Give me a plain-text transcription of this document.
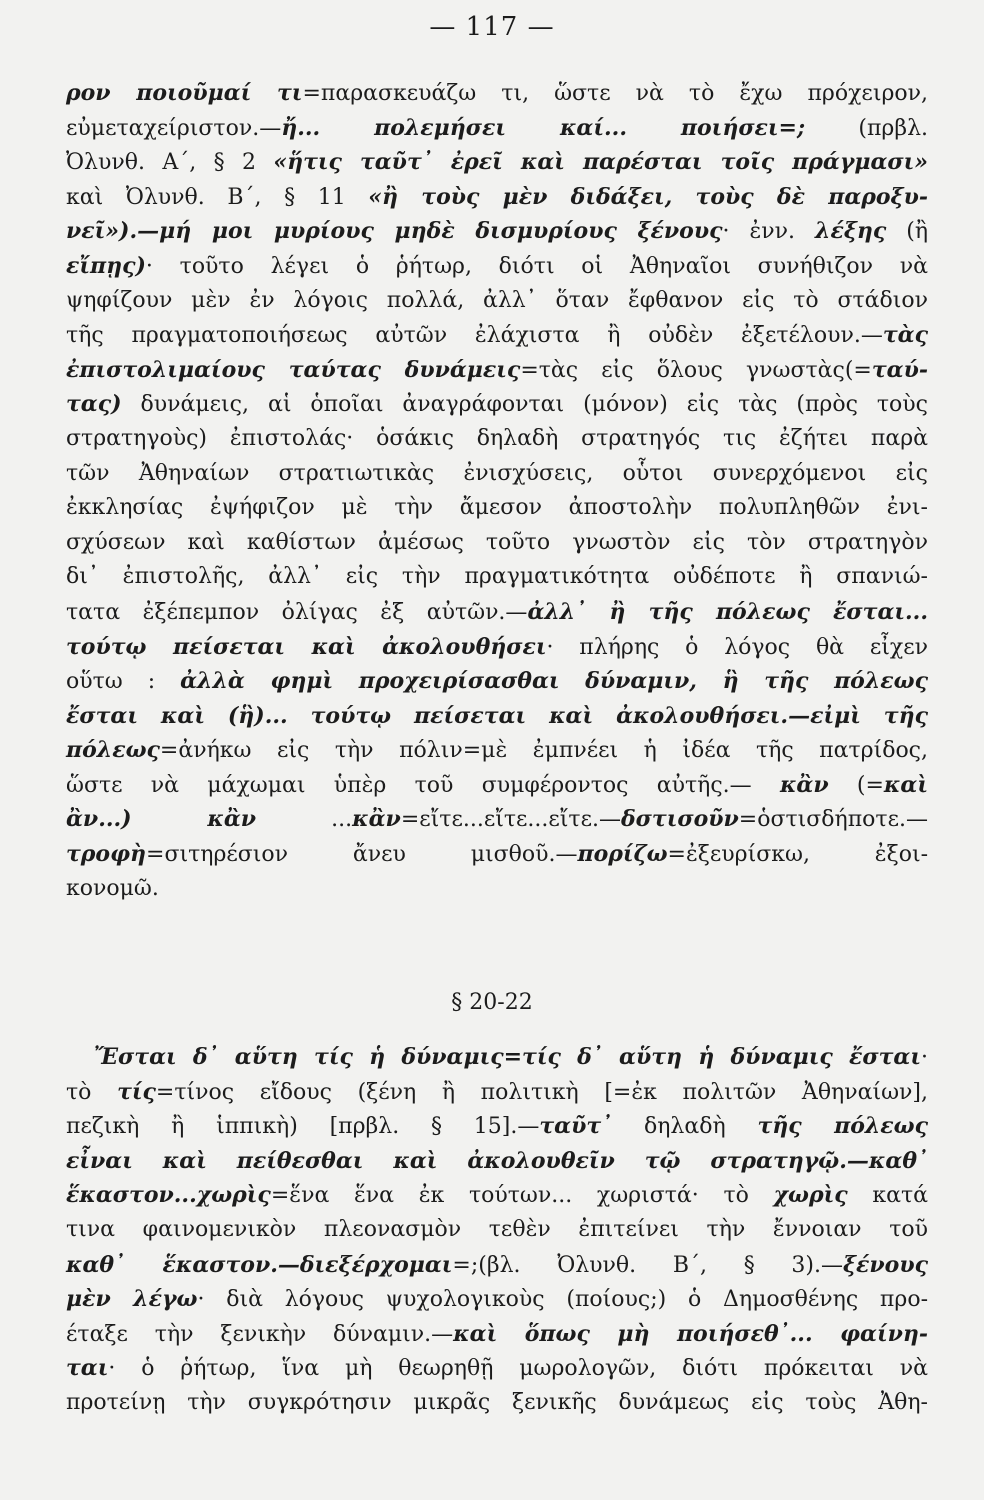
— 117 —
ρον ποιοῦμαί τι=παρασκευάζω τι, ὥστε νὰ τὸ ἔχω πρόχειρον,
εὐμεταχείριστον.—ἤ... πολεμήσει καί... ποιήσει=; (πρβλ.
Ὀλυνθ. Α΄, § 2 «ἥτις ταῦτ᾿ ἐρεῖ καὶ παρέσται τοῖς πράγμασι»
καὶ Ὀλυνθ. Β΄, § 11 «ἢ τοὺς μὲν διδάξει, τοὺς δὲ παροξυ-
νεῖ»).—μή μοι μυρίους μηδὲ δισμυρίους ξένους· ἐνν. λέξης (ἢ
εἴπῃς)· τοῦτο λέγει ὁ ῥήτωρ, διότι οἱ Ἀθηναῖοι συνήθιζον νὰ
ψηφίζουν μὲν ἐν λόγοις πολλά, ἀλλ᾿ ὅταν ἔφθανον εἰς τὸ στάδιον
τῆς πραγματοποιήσεως αὐτῶν ἐλάχιστα ἢ οὐδὲν ἐξετέλουν.—τὰς
ἐπιστολιμαίους ταύτας δυνάμεις=τὰς εἰς ὅλους γνωστὰς(=ταύ-
τας) δυνάμεις, αἱ ὁποῖαι ἀναγράφονται (μόνον) εἰς τὰς (πρὸς τοὺς
στρατηγοὺς) ἐπιστολάς· ὁσάκις δηλαδὴ στρατηγός τις ἐζήτει παρὰ
τῶν Ἀθηναίων στρατιωτικὰς ἐνισχύσεις, οὗτοι συνερχόμενοι εἰς
ἐκκλησίας ἐψήφιζον μὲ τὴν ἄμεσον ἀποστολὴν πολυπληθῶν ἐνι-
σχύσεων καὶ καθίστων ἀμέσως τοῦτο γνωστὸν εἰς τὸν στρατηγὸν
δι᾿ ἐπιστολῆς, ἀλλ᾿ εἰς τὴν πραγματικότητα οὐδέποτε ἢ σπανιώ-
τατα ἐξέπεμπον ὀλίγας ἐξ αὐτῶν.—ἀλλ᾿ ἢ τῆς πόλεως ἔσται...
τούτῳ πείσεται καὶ ἀκολουθήσει· πλήρης ὁ λόγος θὰ εἶχεν
οὕτω : ἀλλὰ φημὶ προχειρίσασθαι δύναμιν, ἣ τῆς πόλεως
ἔσται καὶ (ἣ)... τούτῳ πείσεται καὶ ἀκολουθήσει.—εἰμὶ τῆς
πόλεως=ἀνήκω εἰς τὴν πόλιν=μὲ ἐμπνέει ἡ ἰδέα τῆς πατρίδος,
ὥστε νὰ μάχωμαι ὑπὲρ τοῦ συμφέροντος αὐτῆς.— κἂν (=καὶ
ἂν...) κἂν ...κἂν=εἴτε...εἴτε...εἴτε.—δστισοῦν=ὁστισδήποτε.—
τροφὴ=σιτηρέσιον ἄνευ μισθοῦ.—πορίζω=ἐξευρίσκω, ἐξοι-
κονομῶ.
§ 20-22
Ἔσται δ᾿ αὕτη τίς ἡ δύναμις=τίς δ᾿ αὕτη ἡ δύναμις ἔσται·
τὸ τίς=τίνος εἴδους (ξένη ἢ πολιτικὴ [=ἐκ πολιτῶν Ἀθηναίων],
πεζικὴ ἢ ἱππικὴ) [πρβλ. § 15].—ταῦτ᾿ δηλαδὴ τῆς πόλεως
εἶναι καὶ πείθεσθαι καὶ ἀκολουθεῖν τῷ στρατηγῷ.—καθ᾿
ἕκαστον...χωρὶς=ἕνα ἕνα ἐκ τούτων... χωριστά· τὸ χωρὶς κατά
τινα φαινομενικὸν πλεονασμὸν τεθὲν ἐπιτείνει τὴν ἔννοιαν τοῦ
καθ᾿ ἕκαστον.—διεξέρχομαι=;(βλ. Ὀλυνθ. Β΄, § 3).—ξένους
μὲν λέγω· διὰ λόγους ψυχολογικοὺς (ποίους;) ὁ Δημοσθένης προ-
έταξε τὴν ξενικὴν δύναμιν.—καὶ ὅπως μὴ ποιήσεθ᾿... φαίνη-
ται· ὁ ῥήτωρ, ἵνα μὴ θεωρηθῇ μωρολογῶν, διότι πρόκειται νὰ
προτείνῃ τὴν συγκρότησιν μικρᾶς ξενικῆς δυνάμεως εἰς τοὺς Ἀθη-
